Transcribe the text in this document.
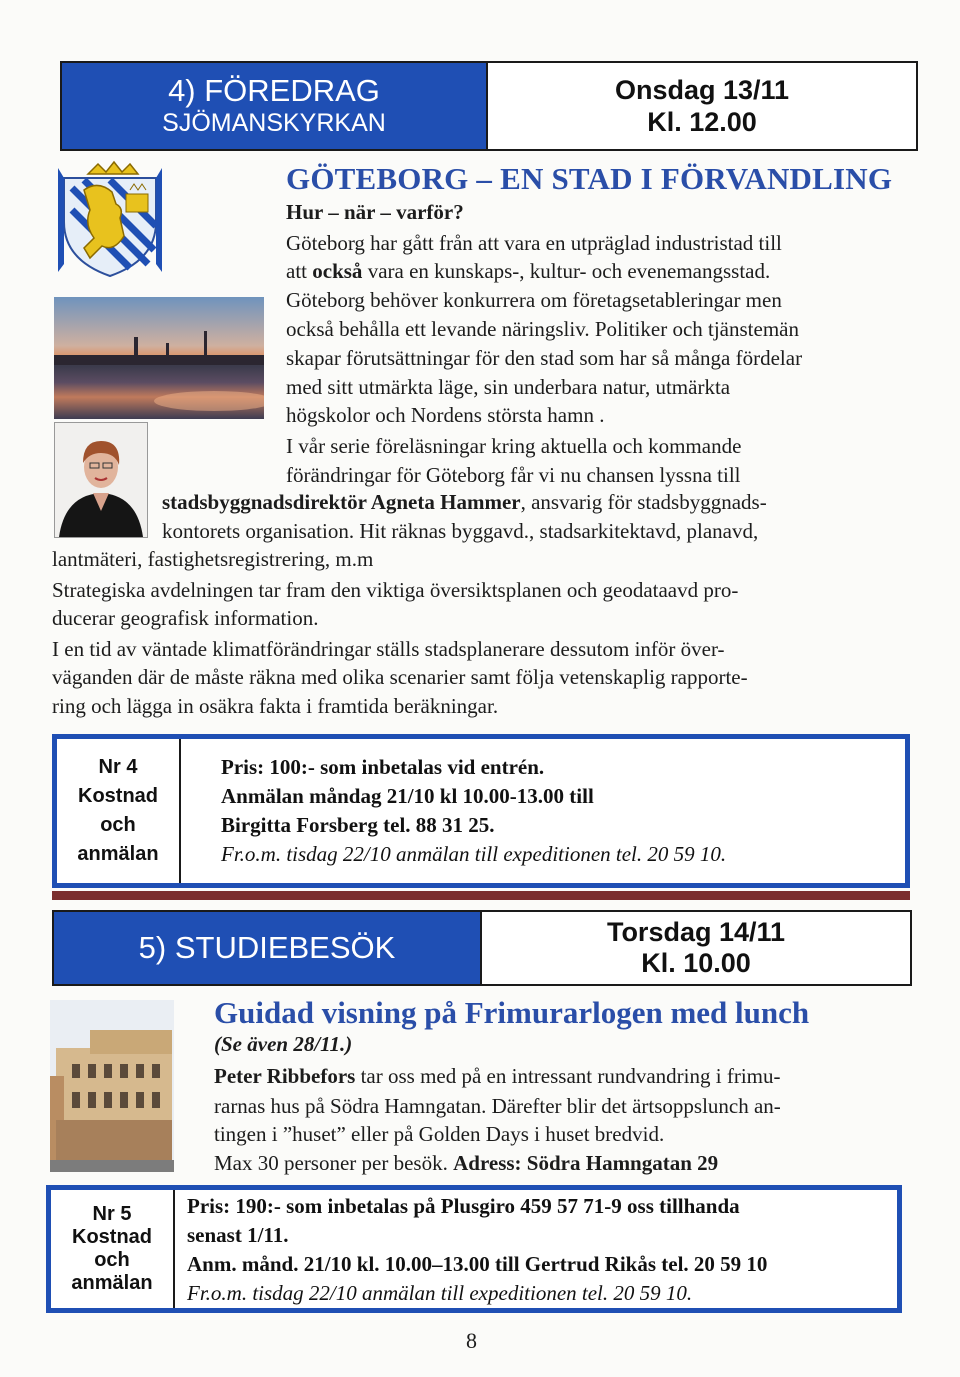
4) FÖREDRAG
SJÖMANSKYRKAN
Onsdag 13/11
Kl. 12.00
GÖTEBORG – EN STAD I FÖRVANDLING
Hur – när – varför?

Göteborg har gått från att vara en utpräglad industristad till

att också vara en kunskaps-, kultur- och evenemangsstad.

Göteborg behöver konkurrera om företagsetableringar men

också behålla ett levande näringsliv. Politiker och tjänstemän

skapar förutsättningar för den stad som har så många fördelar

med sitt utmärkta läge, sin underbara natur, utmärkta

högskolor och Nordens största hamn .

I vår serie föreläsningar kring aktuella och kommande

förändringar för Göteborg får vi nu chansen lyssna till

stadsbyggnadsdirektör Agneta Hammer, ansvarig för stadsbyggnads-

kontorets organisation. Hit räknas byggavd., stadsarkitektavd, planavd,

lantmäteri, fastighetsregistrering, m.m

Strategiska avdelningen tar fram den viktiga översiktsplanen och geodataavd pro-

ducerar geografisk information.

I en tid av väntade klimatförändringar ställs stadsplanerare dessutom inför över-

väganden där de måste räkna med olika scenarier samt följa vetenskaplig rapporte-

ring och lägga in osäkra fakta i framtida beräkningar.

Nr 4
Kostnad
och
anmälan
Pris: 100:- som inbetalas vid entrén.
Anmälan måndag 21/10 kl 10.00-13.00 till
Birgitta Forsberg tel. 88 31 25.
Fr.o.m. tisdag 22/10 anmälan till expeditionen tel. 20 59 10.
5) STUDIEBESÖK	Torsdag 14/11
Kl. 10.00
Guidad visning på Frimurarlogen med lunch
(Se även 28/11.)

Peter Ribbefors tar oss med på en intressant rundvandring i frimu-

rarnas hus på Södra Hamngatan. Därefter blir det ärtsoppslunch an-

tingen i ”huset” eller på Golden Days i huset bredvid.

Max 30 personer per besök. Adress: Södra Hamngatan 29

Nr 5
Kostnad
och
anmälan
Pris: 190:- som inbetalas på Plusgiro 459 57 71-9 oss tillhanda
senast 1/11.
Anm. månd. 21/10 kl. 10.00–13.00 till Gertrud Rikås tel. 20 59 10
Fr.o.m. tisdag 22/10 anmälan till expeditionen tel. 20 59 10.
8
